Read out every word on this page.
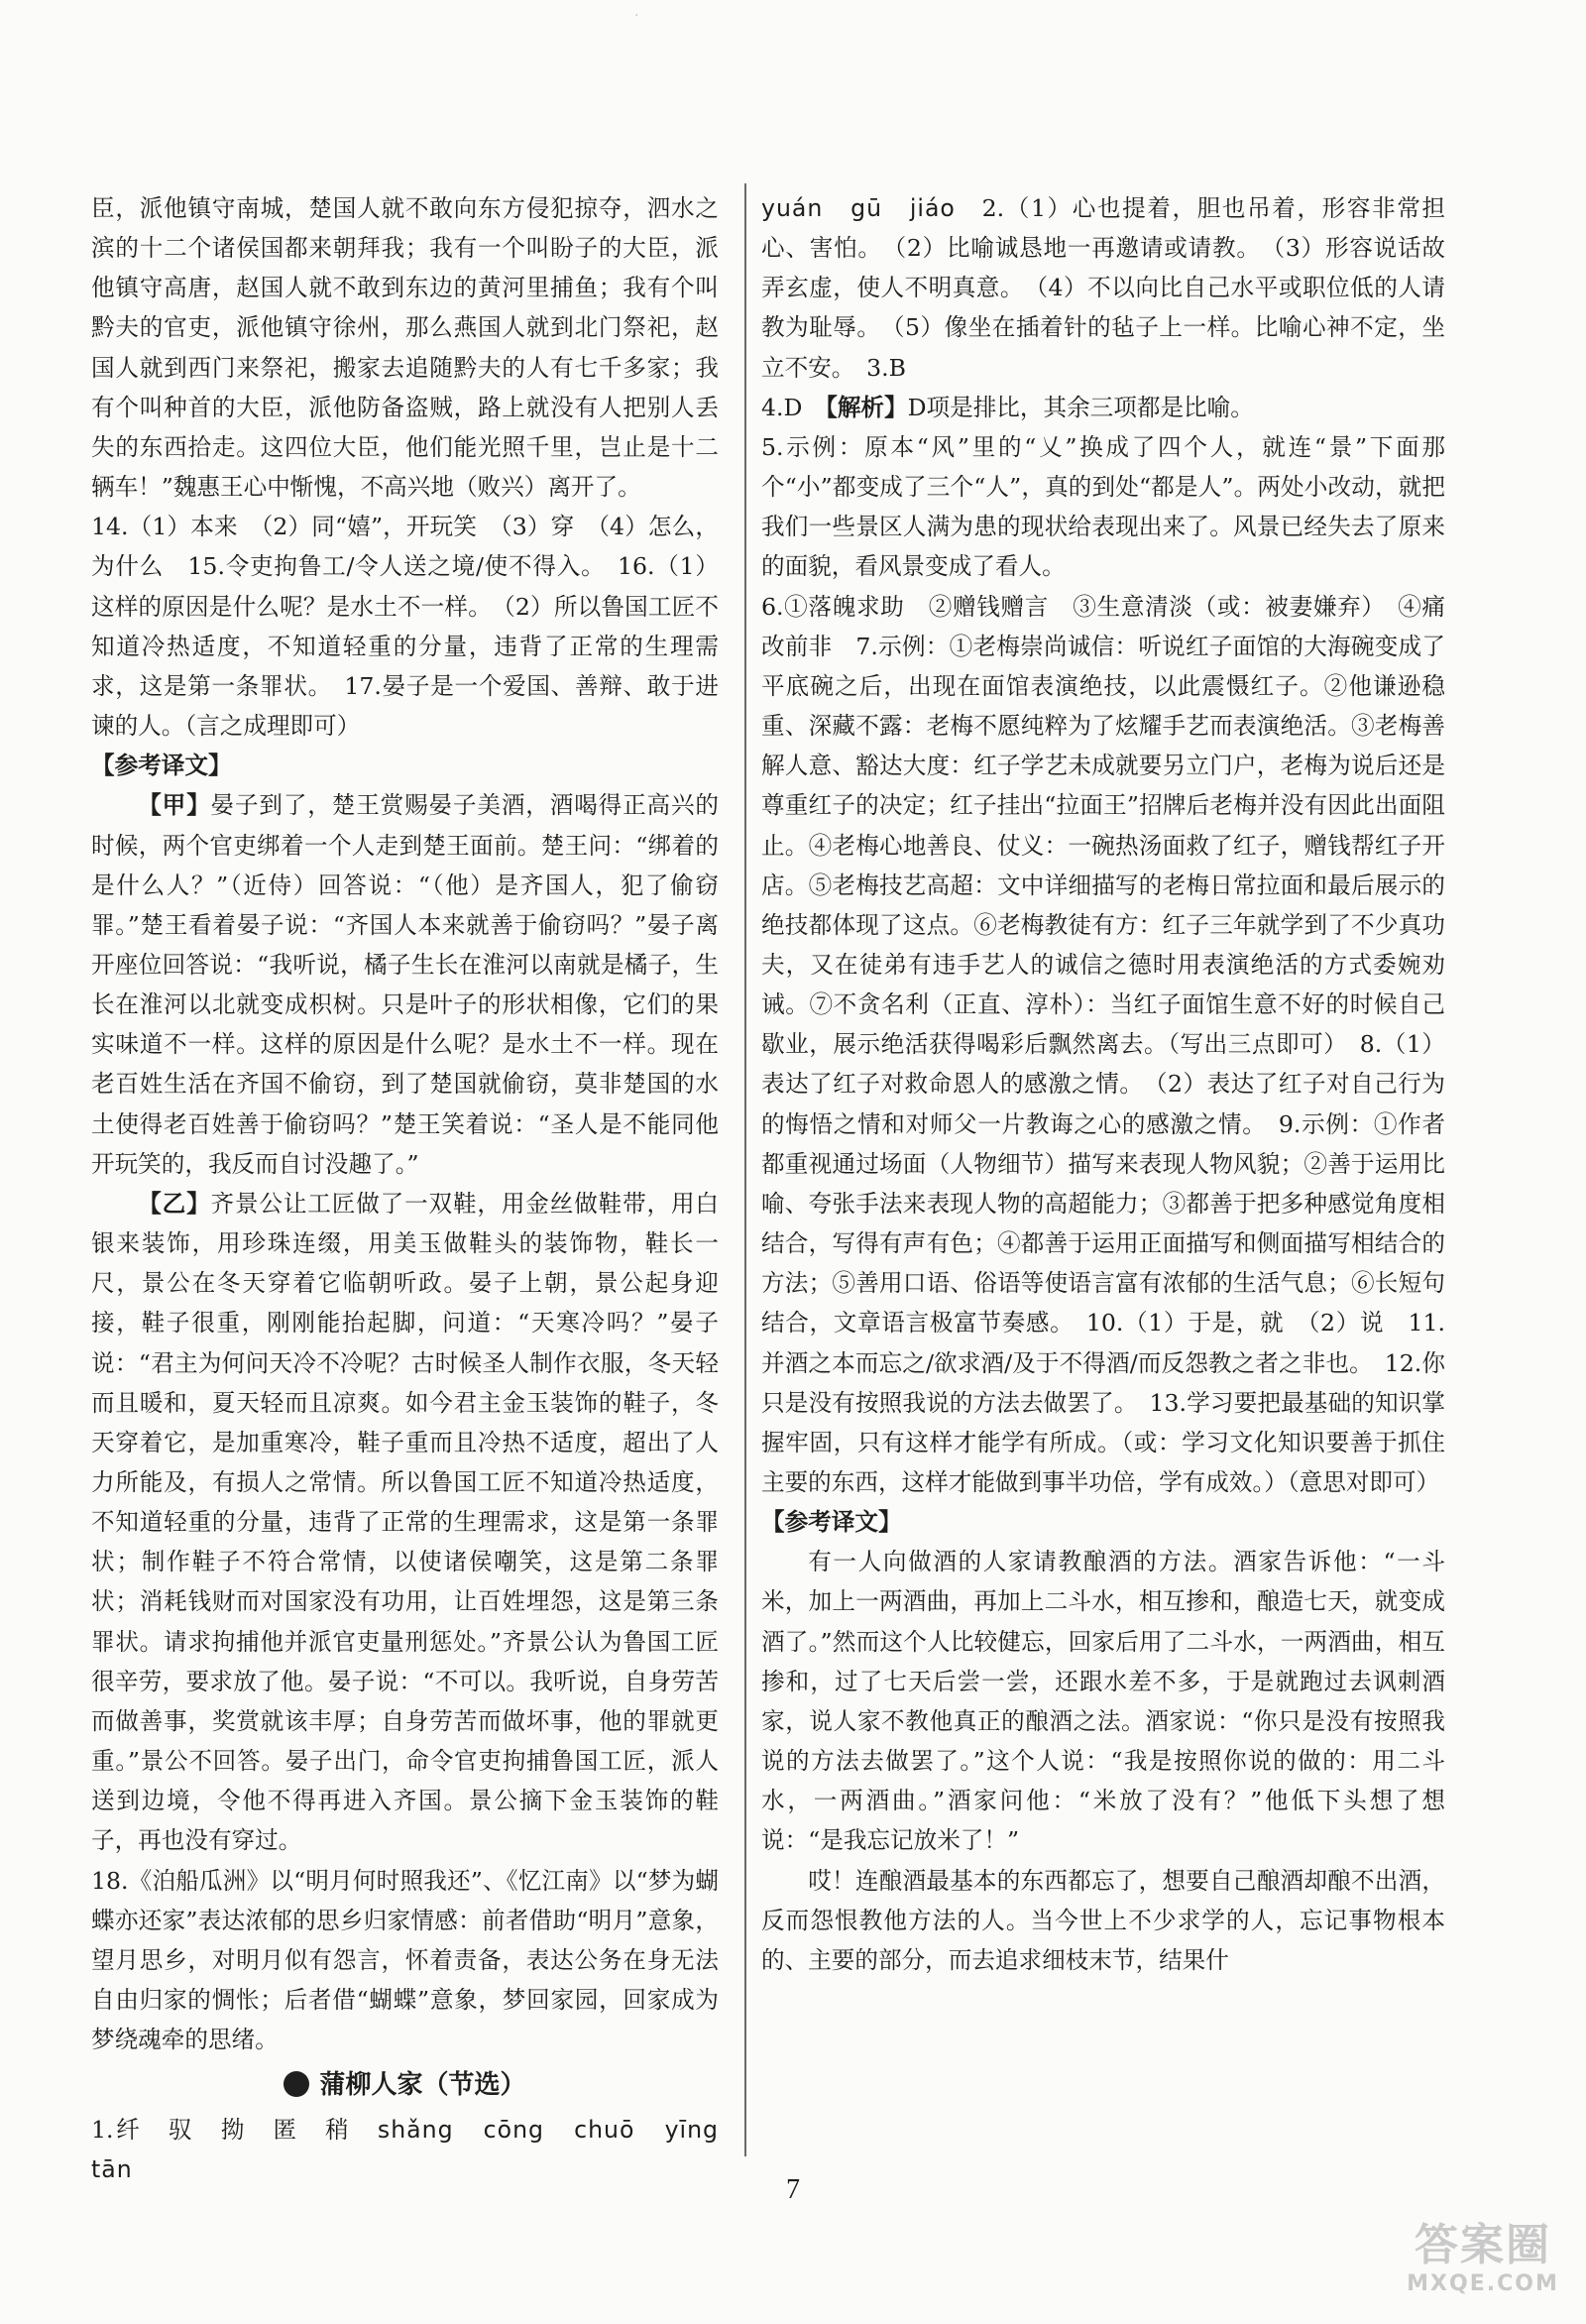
·

臣，派他镇守南城，楚国人就不敢向东方侵犯掠夺，泗水之滨的十二个诸侯国都来朝拜我；我有一个叫盼子的大臣，派他镇守高唐，赵国人就不敢到东边的黄河里捕鱼；我有个叫黔夫的官吏，派他镇守徐州，那么燕国人就到北门祭祀，赵国人就到西门来祭祀，搬家去追随黔夫的人有七千多家；我有个叫种首的大臣，派他防备盗贼，路上就没有人把别人丢失的东西拾走。这四位大臣，他们能光照千里，岂止是十二辆车！”魏惠王心中惭愧，不高兴地（败兴）离开了。

14.（1）本来　（2）同“嬉”，开玩笑　（3）穿　（4）怎么，为什么　15.令吏拘鲁工/令人送之境/使不得入。　16.（1）这样的原因是什么呢？是水土不一样。　（2）所以鲁国工匠不知道冷热适度，不知道轻重的分量，违背了正常的生理需求，这是第一条罪状。　17.晏子是一个爱国、善辩、敢于进谏的人。（言之成理即可）

【参考译文】

【甲】晏子到了，楚王赏赐晏子美酒，酒喝得正高兴的时候，两个官吏绑着一个人走到楚王面前。楚王问：“绑着的是什么人？”（近侍）回答说：“（他）是齐国人，犯了偷窃罪。”楚王看着晏子说：“齐国人本来就善于偷窃吗？”晏子离开座位回答说：“我听说，橘子生长在淮河以南就是橘子，生长在淮河以北就变成枳树。只是叶子的形状相像，它们的果实味道不一样。这样的原因是什么呢？是水土不一样。现在老百姓生活在齐国不偷窃，到了楚国就偷窃，莫非楚国的水土使得老百姓善于偷窃吗？”楚王笑着说：“圣人是不能同他开玩笑的，我反而自讨没趣了。”

【乙】齐景公让工匠做了一双鞋，用金丝做鞋带，用白银来装饰，用珍珠连缀，用美玉做鞋头的装饰物，鞋长一尺，景公在冬天穿着它临朝听政。晏子上朝，景公起身迎接，鞋子很重，刚刚能抬起脚，问道：“天寒冷吗？”晏子说：“君主为何问天冷不冷呢？古时候圣人制作衣服，冬天轻而且暖和，夏天轻而且凉爽。如今君主金玉装饰的鞋子，冬天穿着它，是加重寒冷，鞋子重而且冷热不适度，超出了人力所能及，有损人之常情。所以鲁国工匠不知道冷热适度，不知道轻重的分量，违背了正常的生理需求，这是第一条罪状；制作鞋子不符合常情，以使诸侯嘲笑，这是第二条罪状；消耗钱财而对国家没有功用，让百姓埋怨，这是第三条罪状。请求拘捕他并派官吏量刑惩处。”齐景公认为鲁国工匠很辛劳，要求放了他。晏子说：“不可以。我听说，自身劳苦而做善事，奖赏就该丰厚；自身劳苦而做坏事，他的罪就更重。”景公不回答。晏子出门，命令官吏拘捕鲁国工匠，派人送到边境，令他不得再进入齐国。景公摘下金玉装饰的鞋子，再也没有穿过。

18.《泊船瓜洲》以“明月何时照我还”、《忆江南》以“梦为蝴蝶亦还家”表达浓郁的思乡归家情感：前者借助“明月”意象，望月思乡，对明月似有怨言，怀着责备，表达公务在身无法自由归家的惆怅；后者借“蝴蝶”意象，梦回家园，回家成为梦绕魂牵的思绪。

蒲柳人家（节选）

1.纤　驭　拗　匿　稍　 shǎng　cōng　chuō　yīng　tān

yuán　gū　jiáo　 2.（1）心也提着，胆也吊着，形容非常担心、害怕。　（2）比喻诚恳地一再邀请或请教。　（3）形容说话故弄玄虚，使人不明真意。　（4）不以向比自己水平或职位低的人请教为耻辱。　（5）像坐在插着针的毡子上一样。比喻心神不定，坐立不安。　3.B

4.D　 【解析】D项是排比，其余三项都是比喻。

5.示例：原本“风”里的“乂”换成了四个人，就连“景”下面那个“小”都变成了三个“人”，真的到处“都是人”。两处小改动，就把我们一些景区人满为患的现状给表现出来了。风景已经失去了原来的面貌，看风景变成了看人。

6.①落魄求助　②赠钱赠言　③生意清淡（或：被妻嫌弃）　④痛改前非　7.示例：①老梅崇尚诚信：听说红子面馆的大海碗变成了平底碗之后，出现在面馆表演绝技，以此震慑红子。②他谦逊稳重、深藏不露：老梅不愿纯粹为了炫耀手艺而表演绝活。③老梅善解人意、豁达大度：红子学艺未成就要另立门户，老梅为说后还是尊重红子的决定；红子挂出“拉面王”招牌后老梅并没有因此出面阻止。④老梅心地善良、仗义：一碗热汤面救了红子，赠钱帮红子开店。⑤老梅技艺高超：文中详细描写的老梅日常拉面和最后展示的绝技都体现了这点。⑥老梅教徒有方：红子三年就学到了不少真功夫，又在徒弟有违手艺人的诚信之德时用表演绝活的方式委婉劝诫。⑦不贪名利（正直、淳朴）：当红子面馆生意不好的时候自己歇业，展示绝活获得喝彩后飘然离去。（写出三点即可）　8.（1）表达了红子对救命恩人的感激之情。　（2）表达了红子对自己行为的悔悟之情和对师父一片教诲之心的感激之情。　9.示例：①作者都重视通过场面（人物细节）描写来表现人物风貌；②善于运用比喻、夸张手法来表现人物的高超能力；③都善于把多种感觉角度相结合，写得有声有色；④都善于运用正面描写和侧面描写相结合的方法；⑤善用口语、俗语等使语言富有浓郁的生活气息；⑥长短句结合，文章语言极富节奏感。　10.（1）于是，就　（2）说　11.并酒之本而忘之/欲求酒/及于不得酒/而反怨教之者之非也。　12.你只是没有按照我说的方法去做罢了。　13.学习要把最基础的知识掌握牢固，只有这样才能学有所成。（或：学习文化知识要善于抓住主要的东西，这样才能做到事半功倍，学有成效。）（意思对即可）

【参考译文】

有一人向做酒的人家请教酿酒的方法。酒家告诉他：“一斗米，加上一两酒曲，再加上二斗水，相互掺和，酿造七天，就变成酒了。”然而这个人比较健忘，回家后用了二斗水，一两酒曲，相互掺和，过了七天后尝一尝，还跟水差不多，于是就跑过去讽刺酒家，说人家不教他真正的酿酒之法。酒家说：“你只是没有按照我说的方法去做罢了。”这个人说：“我是按照你说的做的：用二斗水，一两酒曲。”酒家问他：“米放了没有？”他低下头想了想说：“是我忘记放米了！”

哎！连酿酒最基本的东西都忘了，想要自己酿酒却酿不出酒，反而怨恨教他方法的人。当今世上不少求学的人，忘记事物根本的、主要的部分，而去追求细枝末节，结果什

7
答案圈
MXQE.COM
